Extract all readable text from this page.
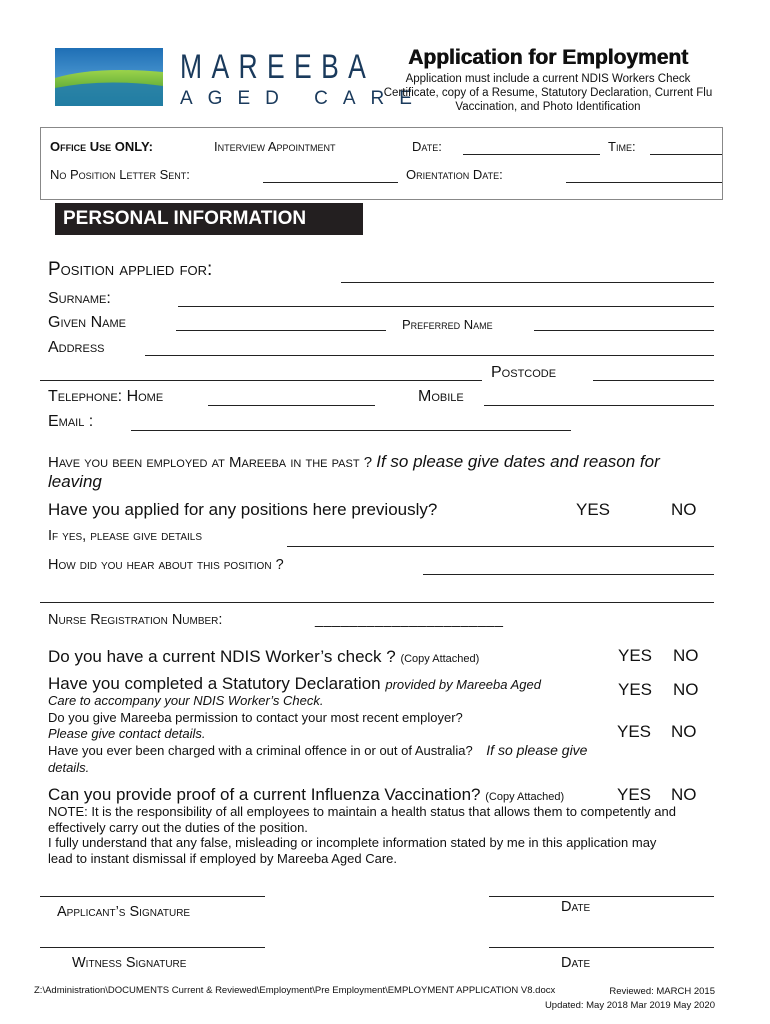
MAREEBA
AGED CARE
Application for Employment
Application must include a current NDIS Workers Check Certificate, copy of a Resume, Statutory Declaration, Current Flu Vaccination, and Photo Identification
Office Use ONLY:	Interview Appointment	Date:	Time:
No Position Letter Sent:	Orientation Date:
PERSONAL INFORMATION
Position applied for:
Surname:
Given Name	Preferred Name
Address
Postcode
Telephone: Home	Mobile
Email :
Have you been employed at Mareeba in the past ? If so please give dates and reason for leaving
Have you applied for any positions here previously?	YES	NO
If yes, please give details
How did you hear about this position ?
Nurse Registration Number:	______________________
Do you have a current NDIS Worker’s check ? (Copy Attached)	YES NO
Have you completed a Statutory Declaration provided by Mareeba Aged	YES NO
Care to accompany your NDIS Worker’s Check.
Do you give Mareeba permission to contact your most recent employer?
Please give contact details.	YES NO
Have you ever been charged with a criminal offence in or out of Australia? If so please give
details.
Can you provide proof of a current Influenza Vaccination? (Copy Attached)	YES NO
NOTE: It is the responsibility of all employees to maintain a health status that allows them to competently and effectively carry out the duties of the position.
I fully understand that any false, misleading or incomplete information stated by me in this application may lead to instant dismissal if employed by Mareeba Aged Care.
Applicant’s Signature	Date
Witness Signature	Date
Z:\Administration\DOCUMENTS Current & Reviewed\Employment\Pre Employment\EMPLOYMENT APPLICATION V8.docx	Reviewed: MARCH 2015
Updated: May 2018 Mar 2019 May 2020
